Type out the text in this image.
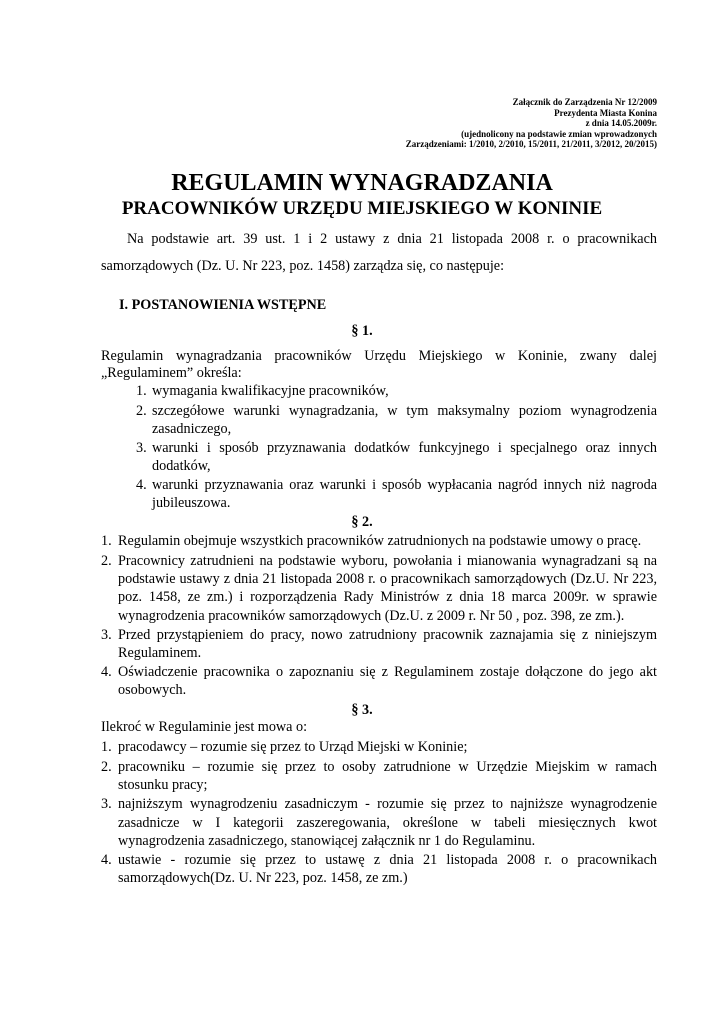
Załącznik do Zarządzenia Nr 12/2009
Prezydenta Miasta Konina
z dnia 14.05.2009r.
(ujednolicony na podstawie zmian wprowadzonych
Zarządzeniami: 1/2010, 2/2010, 15/2011, 21/2011, 3/2012, 20/2015)
REGULAMIN WYNAGRADZANIA
PRACOWNIKÓW URZĘDU MIEJSKIEGO W KONINIE
Na podstawie art. 39 ust. 1 i 2 ustawy z dnia 21 listopada 2008 r. o pracownikach
samorządowych (Dz. U. Nr 223, poz. 1458) zarządza się, co następuje:
I. POSTANOWIENIA WSTĘPNE
§ 1.
Regulamin wynagradzania pracowników Urzędu Miejskiego w Koninie, zwany dalej
„Regulaminem” określa:
1. wymagania kwalifikacyjne pracowników,
2. szczegółowe warunki wynagradzania, w tym maksymalny poziom wynagrodzenia
zasadniczego,
3. warunki i sposób przyznawania dodatków funkcyjnego i specjalnego oraz innych
dodatków,
4. warunki przyznawania oraz warunki i sposób wypłacania nagród innych niż nagroda
jubileuszowa.
§ 2.
1. Regulamin obejmuje wszystkich pracowników zatrudnionych na podstawie umowy o pracę.
2. Pracownicy zatrudnieni na podstawie wyboru, powołania i mianowania wynagradzani są na
podstawie ustawy z dnia 21 listopada 2008 r. o pracownikach samorządowych (Dz.U. Nr 223,
poz. 1458, ze zm.) i rozporządzenia Rady Ministrów z dnia 18 marca 2009r. w sprawie
wynagrodzenia pracowników samorządowych (Dz.U. z 2009 r. Nr 50 , poz. 398, ze zm.).
3. Przed przystąpieniem do pracy, nowo zatrudniony pracownik zaznajamia się z niniejszym
Regulaminem.
4. Oświadczenie pracownika o zapoznaniu się z Regulaminem zostaje dołączone do jego akt
osobowych.
§ 3.
Ilekroć w Regulaminie jest mowa o:
1. pracodawcy – rozumie się przez to Urząd Miejski w Koninie;
2. pracowniku – rozumie się przez to osoby zatrudnione w Urzędzie Miejskim w ramach
stosunku pracy;
3. najniższym wynagrodzeniu zasadniczym - rozumie się przez to najniższe wynagrodzenie
zasadnicze w I kategorii zaszeregowania, określone w tabeli miesięcznych kwot
wynagrodzenia zasadniczego, stanowiącej załącznik nr 1 do Regulaminu.
4. ustawie - rozumie się przez to ustawę z dnia 21 listopada 2008 r. o pracownikach
samorządowych(Dz. U. Nr 223, poz. 1458, ze zm.)
